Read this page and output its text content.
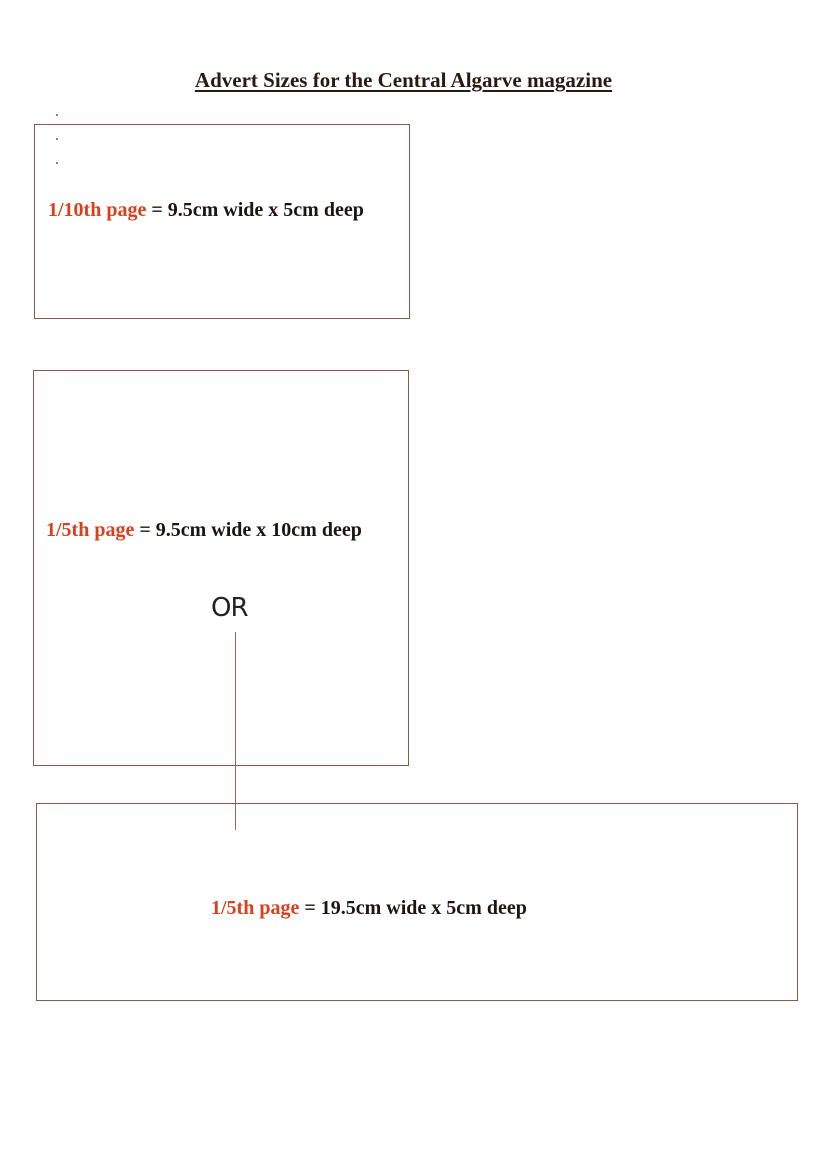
Advert Sizes for the Central Algarve magazine
1/10th page = 9.5cm wide x 5cm deep
1/5th page = 9.5cm wide x 10cm deep
OR
1/5th page = 19.5cm wide x 5cm deep
